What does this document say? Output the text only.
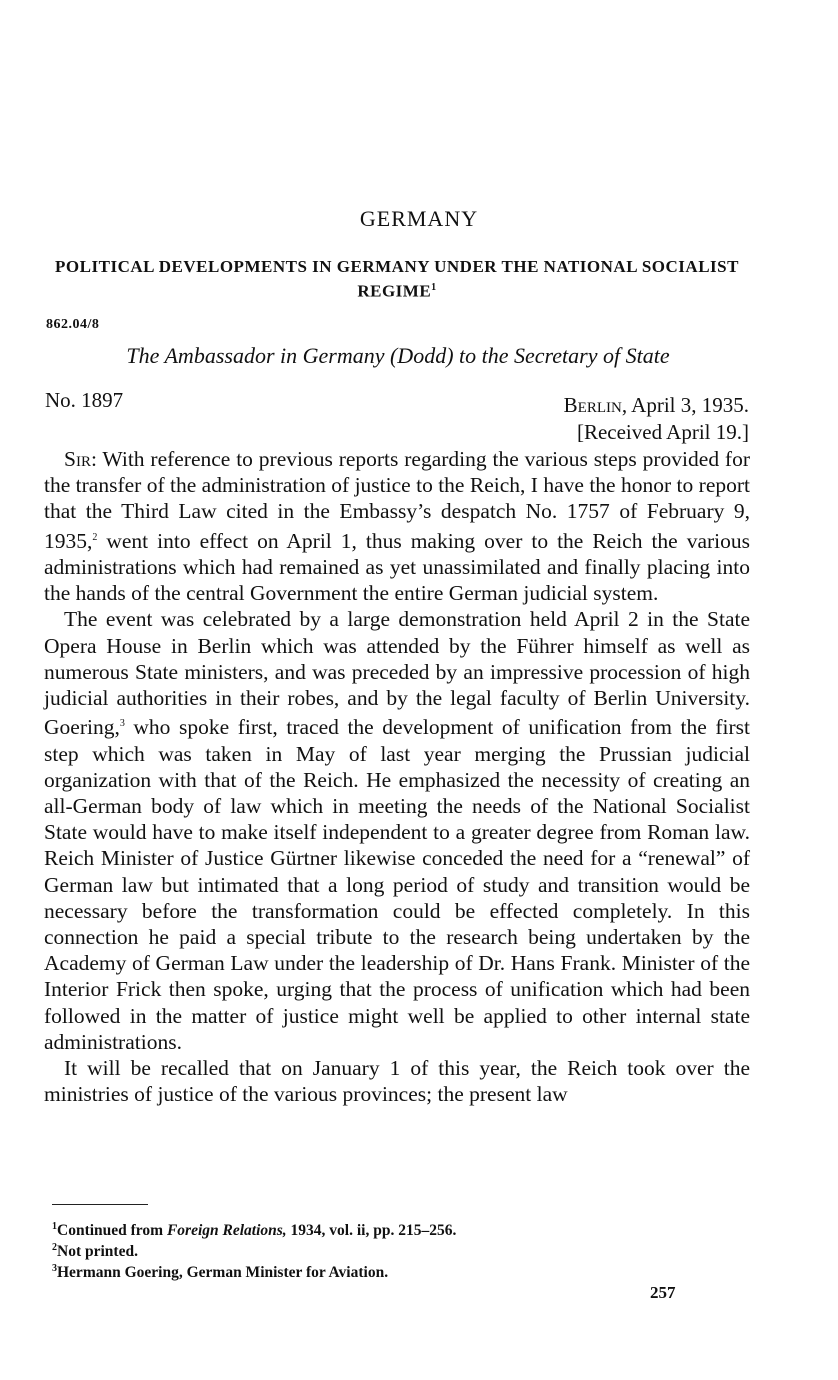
GERMANY
POLITICAL DEVELOPMENTS IN GERMANY UNDER THE NATIONAL SOCIALIST REGIME$^1$
862.04/8
The Ambassador in Germany (Dodd) to the Secretary of State
No. 1897	Berlin, April 3, 1935.
[Received April 19.]

Sir: With reference to previous reports regarding the various steps provided for the transfer of the administration of justice to the Reich, I have the honor to report that the Third Law cited in the Embassy’s despatch No. 1757 of February 9, 1935,$^2$ went into effect on April 1, thus making over to the Reich the various administrations which had remained as yet unassimilated and finally placing into the hands of the central Government the entire German judicial system.

The event was celebrated by a large demonstration held April 2 in the State Opera House in Berlin which was attended by the Führer himself as well as numerous State ministers, and was preceded by an impressive procession of high judicial authorities in their robes, and by the legal faculty of Berlin University. Goering,$^3$ who spoke first, traced the development of unification from the first step which was taken in May of last year merging the Prussian judicial organization with that of the Reich. He emphasized the necessity of creating an all-German body of law which in meeting the needs of the National Socialist State would have to make itself independent to a greater degree from Roman law. Reich Minister of Justice Gürtner likewise conceded the need for a “renewal” of German law but intimated that a long period of study and transition would be necessary before the transformation could be effected completely. In this connection he paid a special tribute to the research being undertaken by the Academy of German Law under the leadership of Dr. Hans Frank. Minister of the Interior Frick then spoke, urging that the process of unification which had been followed in the matter of justice might well be applied to other internal state administrations.

It will be recalled that on January 1 of this year, the Reich took over the ministries of justice of the various provinces; the present law

$^1$Continued from Foreign Relations, 1934, vol. ii, pp. 215–256.
$^2$Not printed.
$^3$Hermann Goering, German Minister for Aviation.
257
